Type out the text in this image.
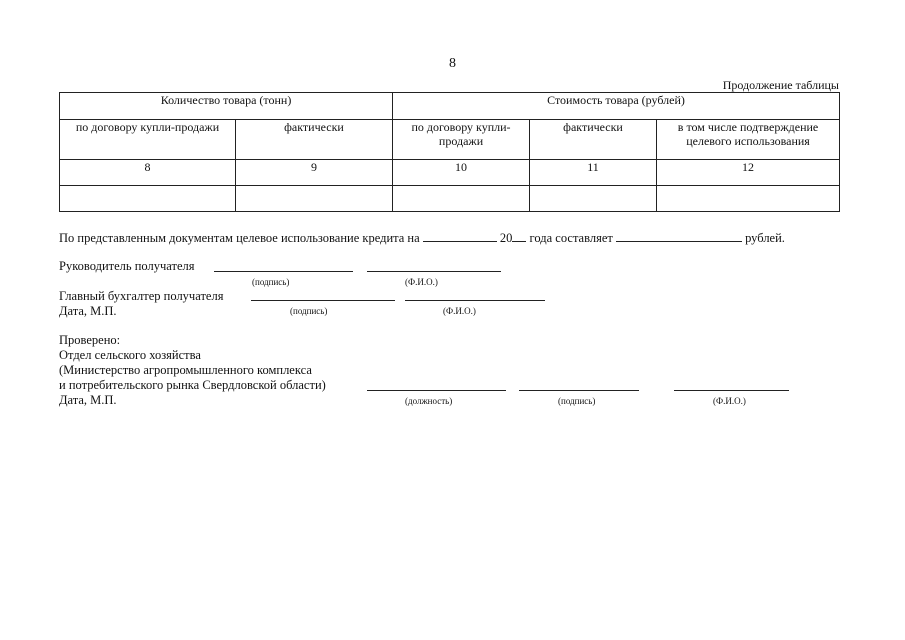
8
Продолжение таблицы
Количество товара (тонн)		Стоимость товара (рублей)		
по договору купли-продажи	фактически	по договору купли-продажи	фактически	в том числе подтверждение целевого использования
8	9	10	11	12

По представленным документам целевое использование кредита на	20 года составляет	рублей.
Руководитель получателя
(подпись)	(Ф.И.О.)
Главный бухгалтер получателя
Дата, М.П.	(подпись)	(Ф.И.О.)
Проверено:
Отдел сельского хозяйства
(Министерство агропромышленного комплекса
и потребительского рынка Свердловской области)
Дата, М.П.	(должность)	(подпись)	(Ф.И.О.)
